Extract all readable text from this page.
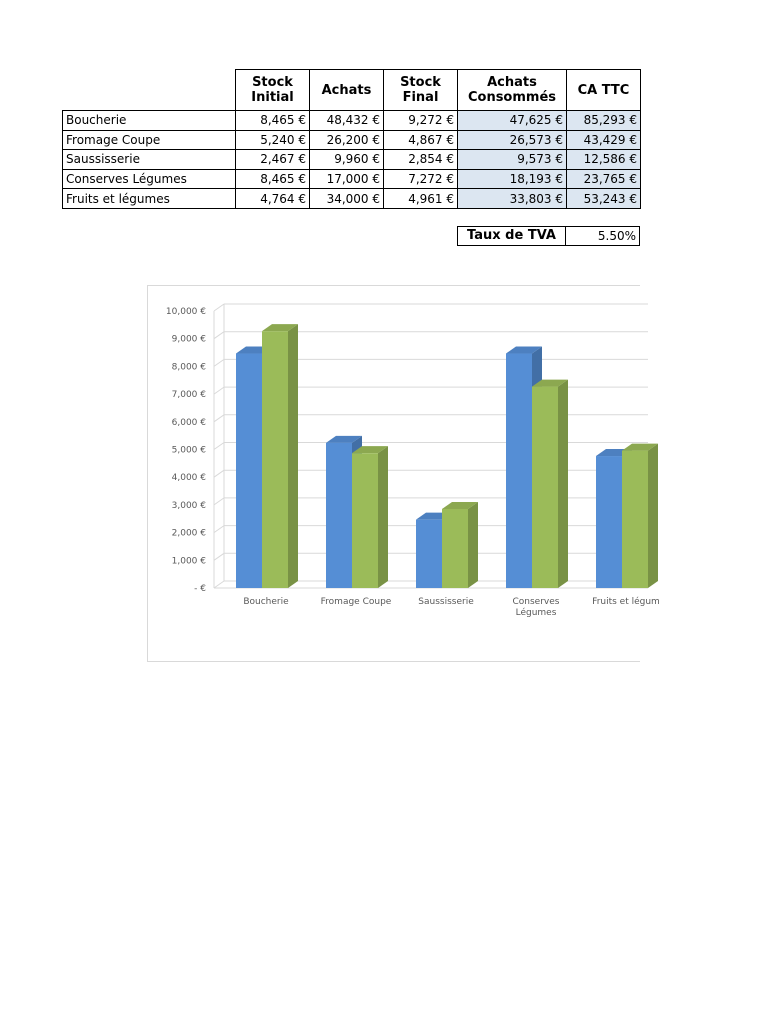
	Stock Initial	Achats	Stock Final	Achats Consommés	CA TTC
Boucherie	8,465 €	48,432 €	9,272 €	47,625 €	85,293 €
Fromage Coupe	5,240 €	26,200 €	4,867 €	26,573 €	43,429 €
Saussisserie	2,467 €	9,960 €	2,854 €	9,573 €	12,586 €
Conserves Légumes	8,465 €	17,000 €	7,272 €	18,193 €	23,765 €
Fruits et légumes	4,764 €	34,000 €	4,961 €	33,803 €	53,243 €
Taux de TVA	5.50%
- €
1,000 €
2,000 €
3,000 €
4,000 €
5,000 €
6,000 €
7,000 €
8,000 €
9,000 €
10,000 €
Boucherie	Fromage Coupe	Saussisserie	Conserves
Légumes
Fruits et légum
